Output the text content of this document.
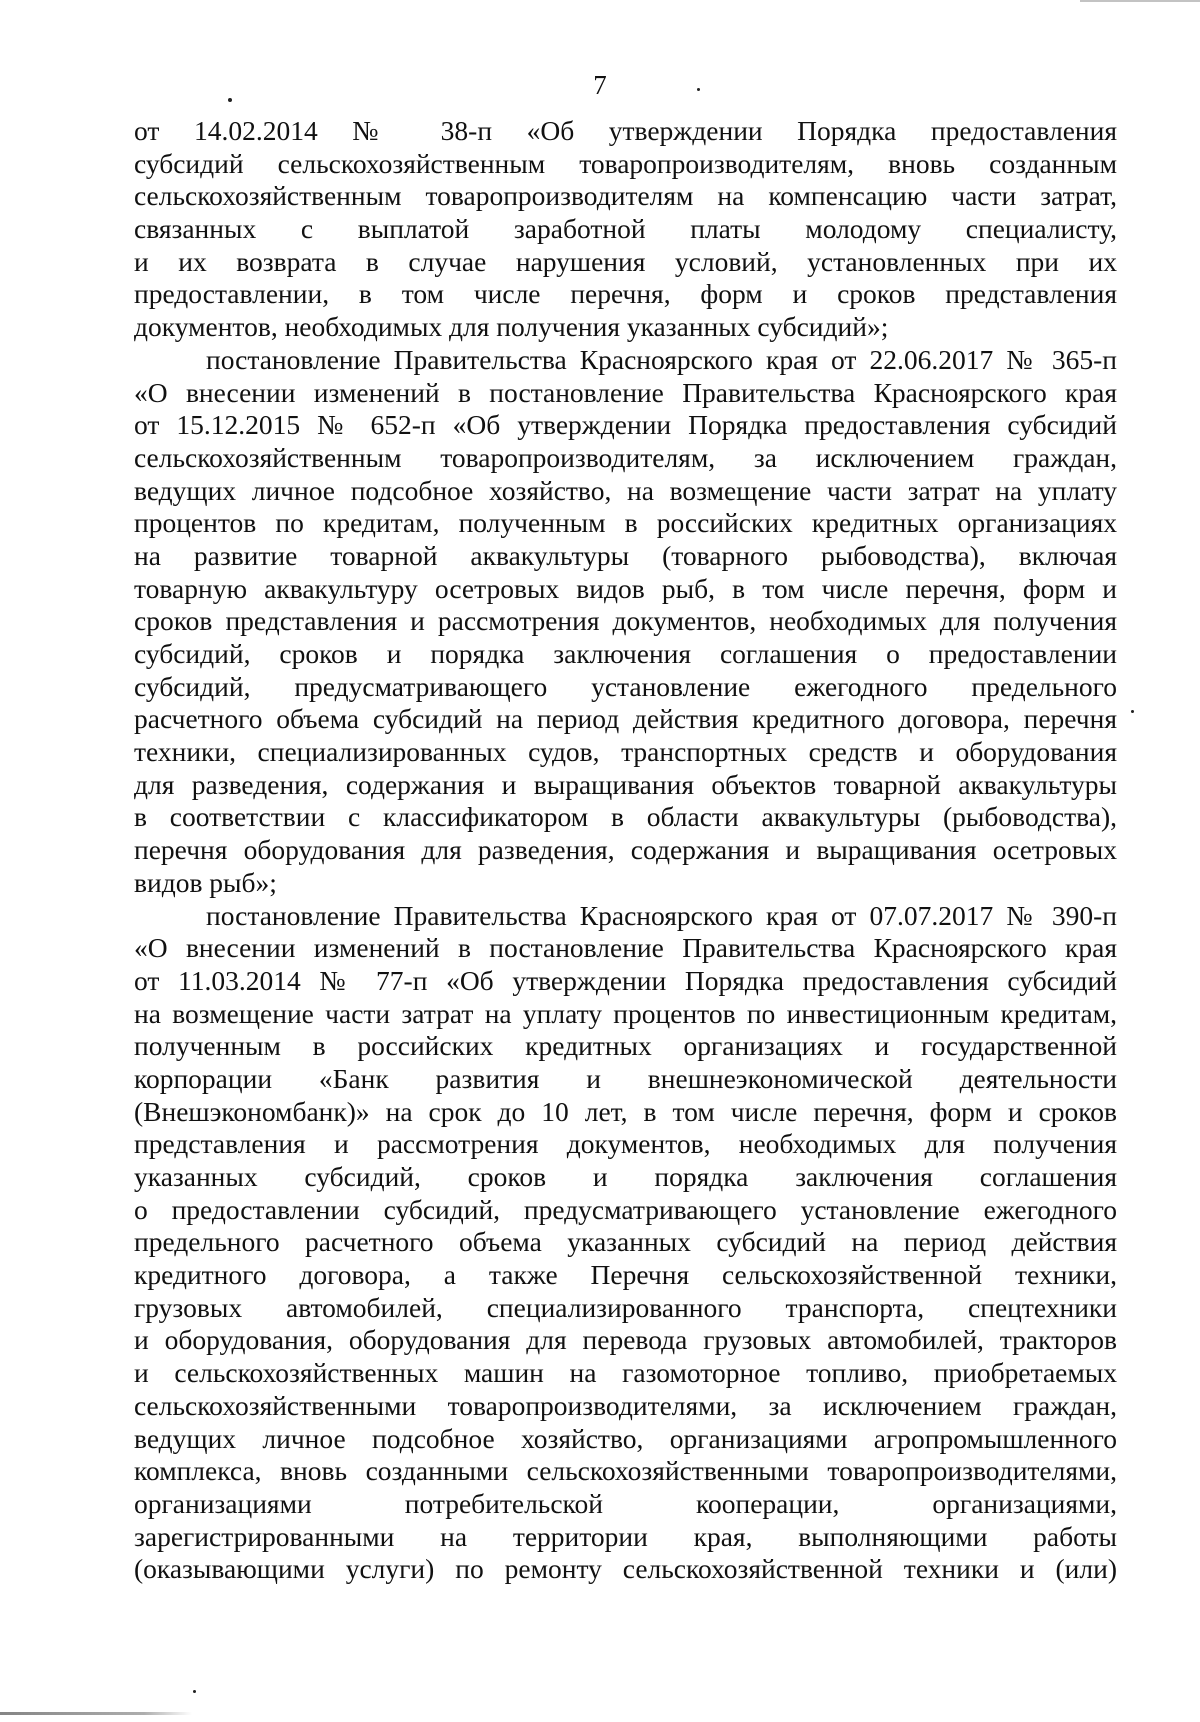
7
от 14.02.2014 № 38-п «Об утверждении Порядка предоставления
субсидий сельскохозяйственным товаропроизводителям, вновь созданным
сельскохозяйственным товаропроизводителям на компенсацию части затрат,
связанных с выплатой заработной платы молодому специалисту,
и их возврата в случае нарушения условий, установленных при их
предоставлении, в том числе перечня, форм и сроков представления
документов, необходимых для получения указанных субсидий»;
постановление Правительства Красноярского края от 22.06.2017 № 365-п
«О внесении изменений в постановление Правительства Красноярского края
от 15.12.2015 № 652-п «Об утверждении Порядка предоставления субсидий
сельскохозяйственным товаропроизводителям, за исключением граждан,
ведущих личное подсобное хозяйство, на возмещение части затрат на уплату
процентов по кредитам, полученным в российских кредитных организациях
на развитие товарной аквакультуры (товарного рыбоводства), включая
товарную аквакультуру осетровых видов рыб, в том числе перечня, форм и
сроков представления и рассмотрения документов, необходимых для получения
субсидий, сроков и порядка заключения соглашения о предоставлении
субсидий, предусматривающего установление ежегодного предельного
расчетного объема субсидий на период действия кредитного договора, перечня
техники, специализированных судов, транспортных средств и оборудования
для разведения, содержания и выращивания объектов товарной аквакультуры
в соответствии с классификатором в области аквакультуры (рыбоводства),
перечня оборудования для разведения, содержания и выращивания осетровых
видов рыб»;
постановление Правительства Красноярского края от 07.07.2017 № 390-п
«О внесении изменений в постановление Правительства Красноярского края
от 11.03.2014 № 77-п «Об утверждении Порядка предоставления субсидий
на возмещение части затрат на уплату процентов по инвестиционным кредитам,
полученным в российских кредитных организациях и государственной
корпорации «Банк развития и внешнеэкономической деятельности
(Внешэкономбанк)» на срок до 10 лет, в том числе перечня, форм и сроков
представления и рассмотрения документов, необходимых для получения
указанных субсидий, сроков и порядка заключения соглашения
о предоставлении субсидий, предусматривающего установление ежегодного
предельного расчетного объема указанных субсидий на период действия
кредитного договора, а также Перечня сельскохозяйственной техники,
грузовых автомобилей, специализированного транспорта, спецтехники
и оборудования, оборудования для перевода грузовых автомобилей, тракторов
и сельскохозяйственных машин на газомоторное топливо, приобретаемых
сельскохозяйственными товаропроизводителями, за исключением граждан,
ведущих личное подсобное хозяйство, организациями агропромышленного
комплекса, вновь созданными сельскохозяйственными товаропроизводителями,
организациями потребительской кооперации, организациями,
зарегистрированными на территории края, выполняющими работы
(оказывающими услуги) по ремонту сельскохозяйственной техники и (или)
